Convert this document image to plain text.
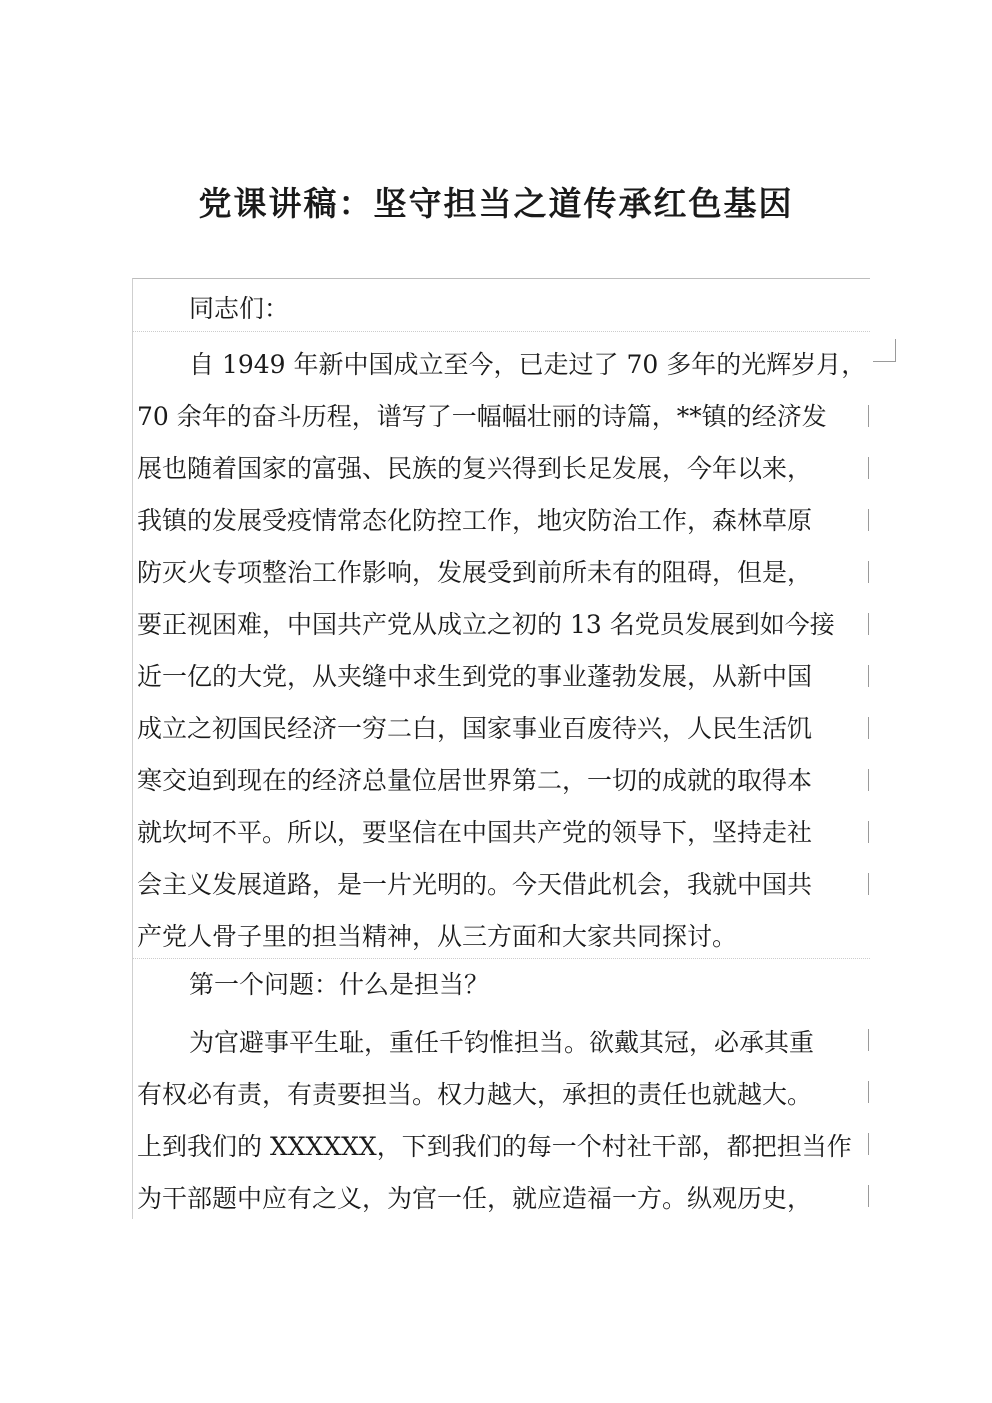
党课讲稿：坚守担当之道传承红色基因
同志们：
自 1949 年新中国成立至今，已走过了 70 多年的光辉岁月，
70 余年的奋斗历程，谱写了一幅幅壮丽的诗篇，**镇的经济发
展也随着国家的富强、民族的复兴得到长足发展，今年以来，
我镇的发展受疫情常态化防控工作，地灾防治工作，森林草原
防灭火专项整治工作影响，发展受到前所未有的阻碍，但是，
要正视困难，中国共产党从成立之初的 13 名党员发展到如今接
近一亿的大党，从夹缝中求生到党的事业蓬勃发展，从新中国
成立之初国民经济一穷二白，国家事业百废待兴，人民生活饥
寒交迫到现在的经济总量位居世界第二，一切的成就的取得本
就坎坷不平。所以，要坚信在中国共产党的领导下，坚持走社
会主义发展道路，是一片光明的。今天借此机会，我就中国共
产党人骨子里的担当精神，从三方面和大家共同探讨。
第一个问题：什么是担当？
为官避事平生耻，重任千钧惟担当。欲戴其冠，必承其重
有权必有责，有责要担当。权力越大，承担的责任也就越大。
上到我们的 XXXXXX，下到我们的每一个村社干部，都把担当作
为干部题中应有之义，为官一任，就应造福一方。纵观历史，
